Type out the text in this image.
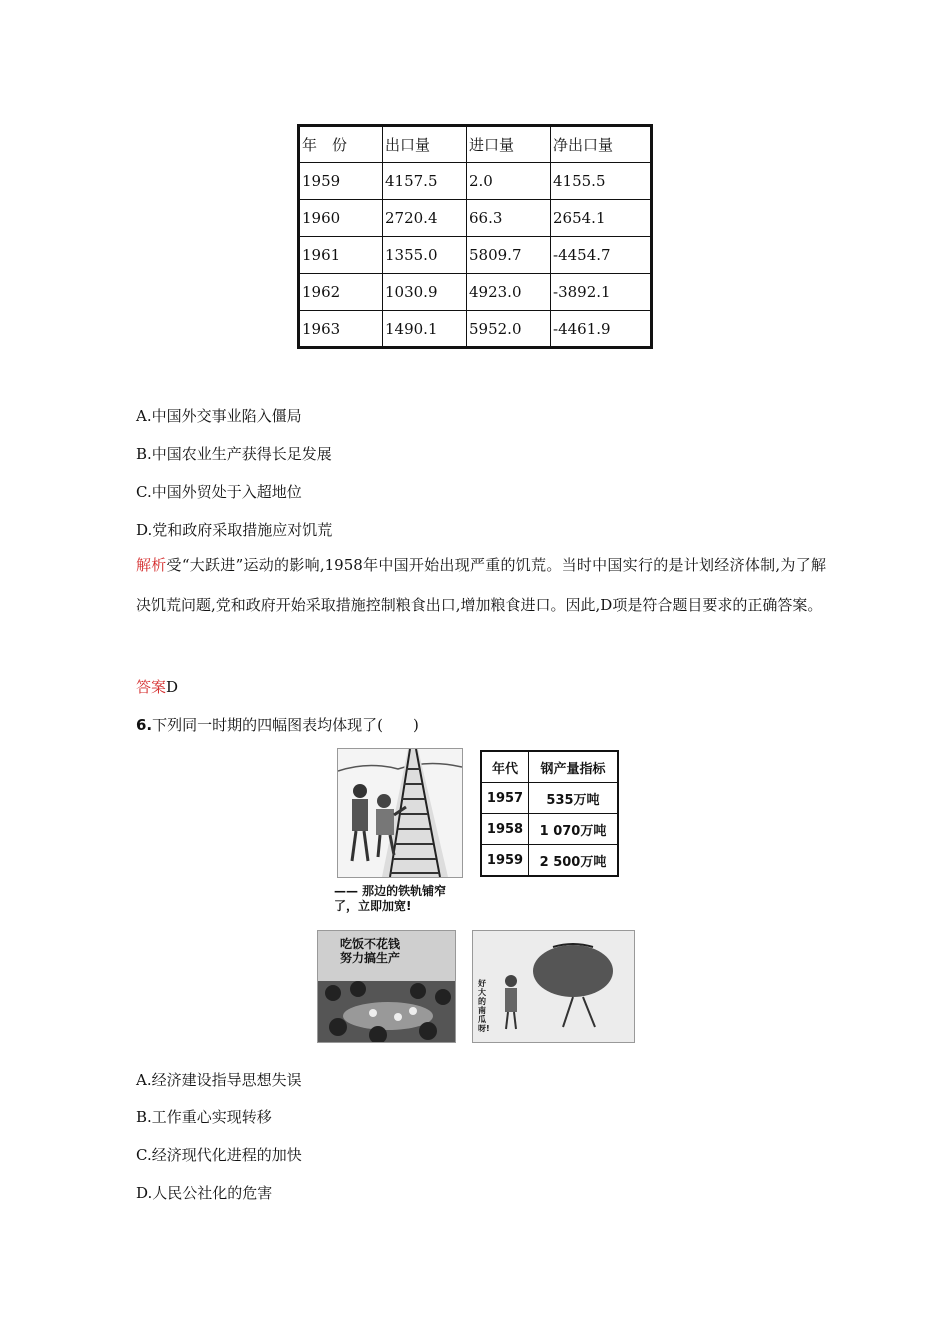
年　份	出口量	进口量	净出口量
1959	4157.5	2.0	4155.5
1960	2720.4	66.3	2654.1
1961	1355.0	5809.7	-4454.7
1962	1030.9	4923.0	-3892.1
1963	1490.1	5952.0	-4461.9
A.中国外交事业陷入僵局
B.中国农业生产获得长足发展
C.中国外贸处于入超地位
D.党和政府采取措施应对饥荒
解析受“大跃进”运动的影响,1958年中国开始出现严重的饥荒。当时中国实行的是计划经济体制,为了解决饥荒问题,党和政府开始采取措施控制粮食出口,增加粮食进口。因此,D项是符合题目要求的正确答案。
答案D
6.下列同一时期的四幅图表均体现了(　　)
—— 那边的铁轨铺窄
了，立即加宽!
年代	钢产量指标
1957	535万吨
1958	1 070万吨
1959	2 500万吨
吃饭不花钱
努力搞生产
好大的南瓜呀!
A.经济建设指导思想失误
B.工作重心实现转移
C.经济现代化进程的加快
D.人民公社化的危害
